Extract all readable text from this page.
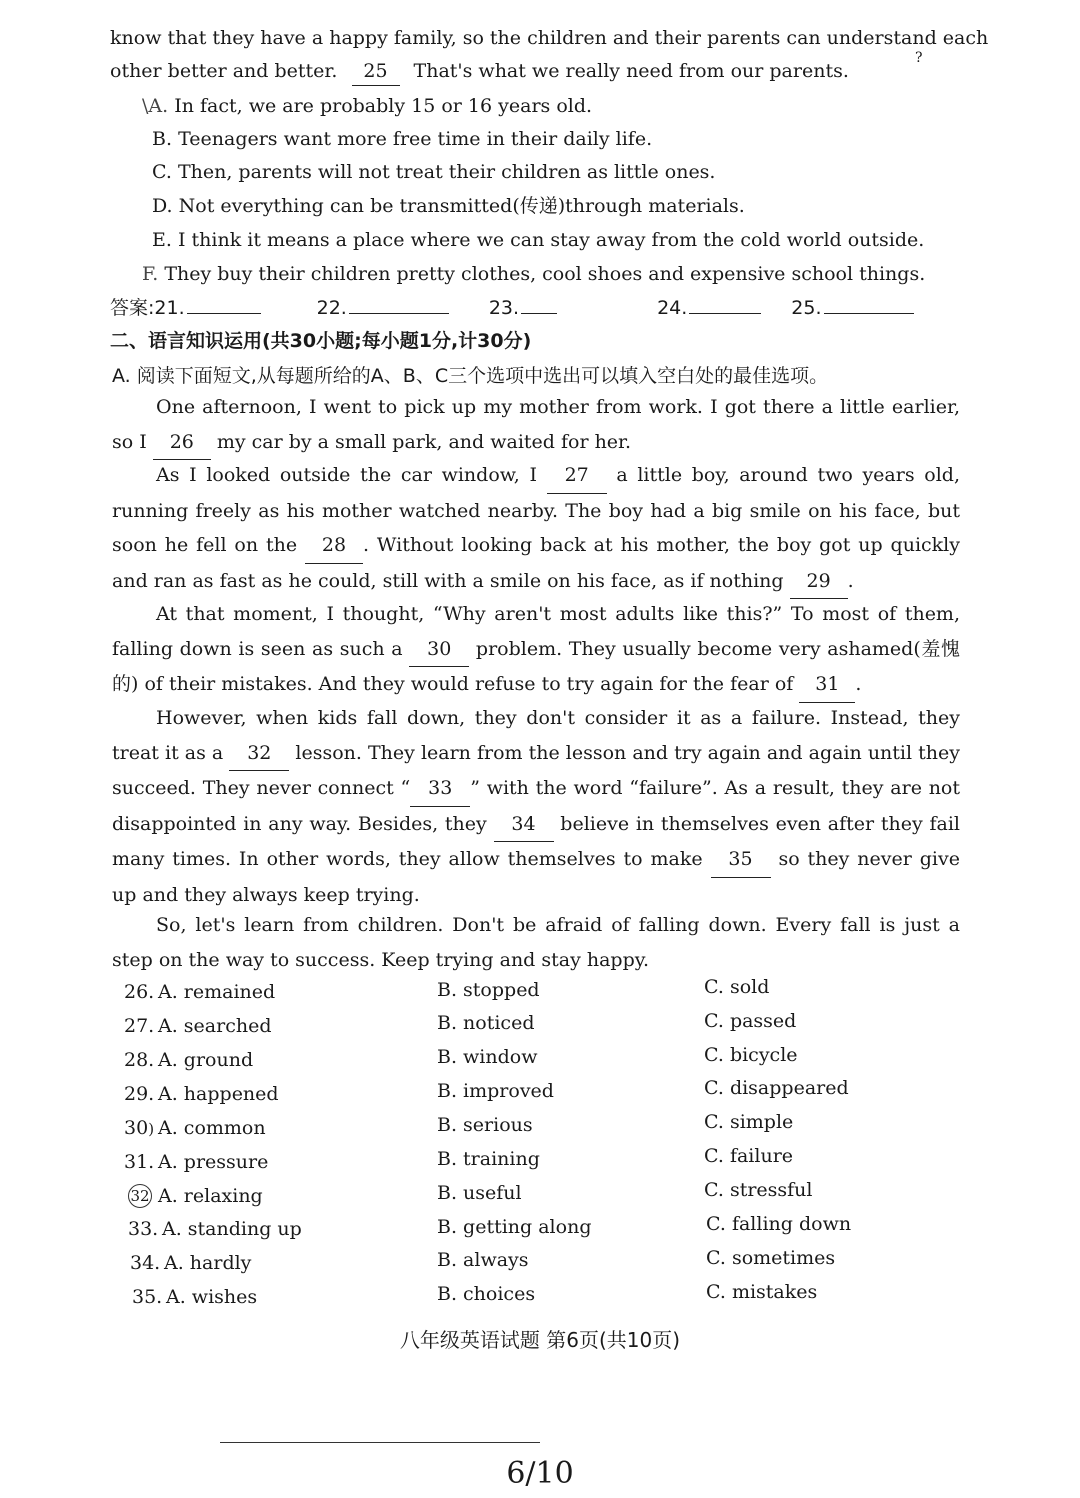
know that they have a happy family, so the children and their parents can understand each
other better and better. 25 That's what we really need from our parents.
?
\A. In fact, we are probably 15 or 16 years old.
B. Teenagers want more free time in their daily life.
C. Then, parents will not treat their children as little ones.
D. Not everything can be transmitted(传递)through materials.
E. I think it means a place where we can stay away from the cold world outside.
F. They buy their children pretty clothes, cool shoes and expensive school things.
答案:21.	22.	23.	24.	25.
二、语言知识运用(共30小题;每小题1分,计30分)
A. 阅读下面短文,从每题所给的A、B、C三个选项中选出可以填入空白处的最佳选项。
One afternoon, I went to pick up my mother from work. I got there a little earlier, so I 26 my car by a small park, and waited for her.
As I looked outside the car window, I 27 a little boy, around two years old, running freely as his mother watched nearby. The boy had a big smile on his face, but soon he fell on the 28 . Without looking back at his mother, the boy got up quickly and ran as fast as he could, still with a smile on his face, as if nothing 29 .
At that moment, I thought, “Why aren't most adults like this?” To most of them, falling down is seen as such a 30 problem. They usually become very ashamed(羞愧的) of their mistakes. And they would refuse to try again for the fear of 31 .
However, when kids fall down, they don't consider it as a failure. Instead, they treat it as a 32 lesson. They learn from the lesson and try again and again until they succeed. They never connect “ 33 ” with the word “failure”. As a result, they are not disappointed in any way. Besides, they 34 believe in themselves even after they fail many times. In other words, they allow themselves to make 35 so they never give up and they always keep trying.
So, let's learn from children. Don't be afraid of falling down. Every fall is just a step on the way to success. Keep trying and stay happy.
26. A. remained	B. stopped	C. sold
27. A. searched	B. noticed	C. passed
28. A. ground	B. window	C. bicycle
29. A. happened	B. improved	C. disappeared
30) A. common	B. serious	C. simple
31. A. pressure	B. training	C. failure
32 A. relaxing	B. useful	C. stressful
33. A. standing up	B. getting along	C. falling down
34. A. hardly	B. always	C. sometimes
35. A. wishes	B. choices	C. mistakes
八年级英语试题 第6页(共10页)
6/10
